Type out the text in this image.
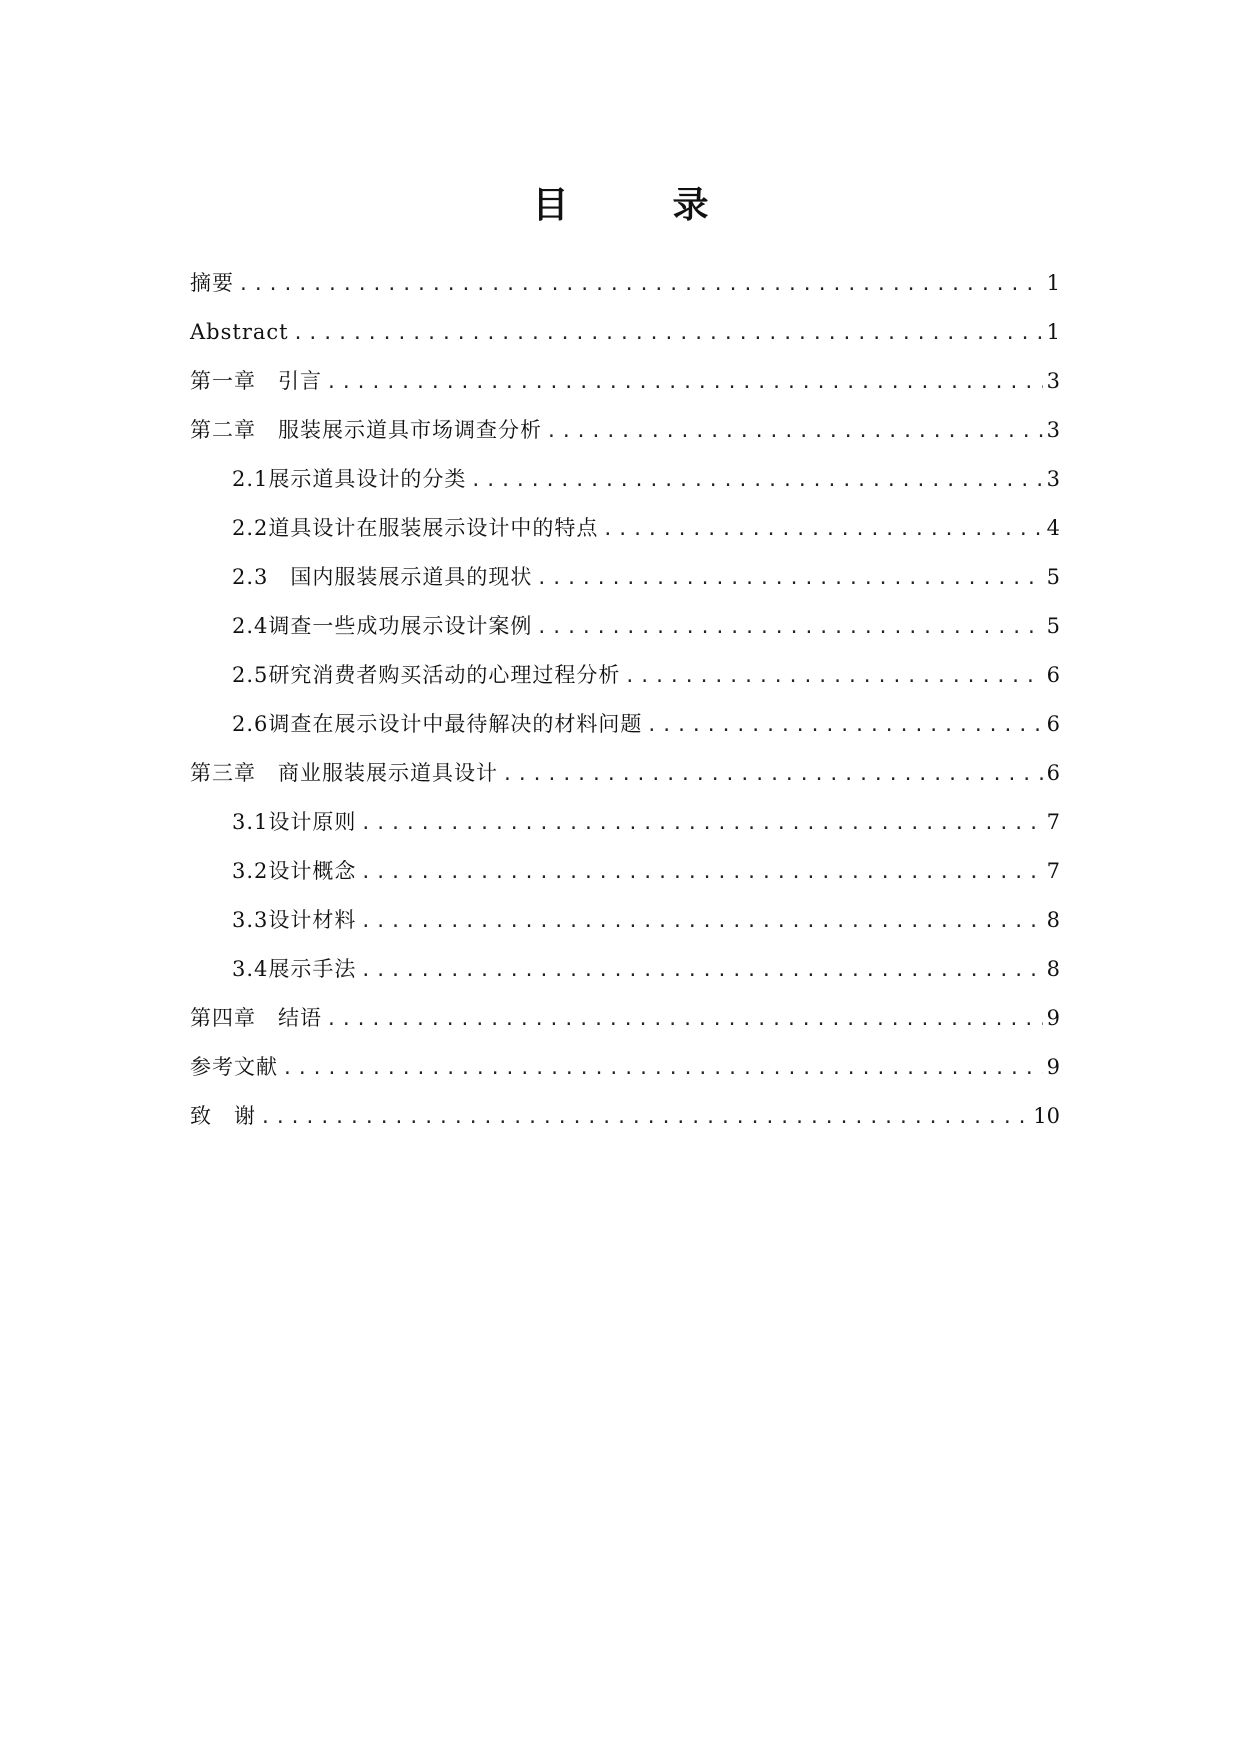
目　录
摘要 .....	1
Abstract .....	1
第一章　引言 .....	3
第二章　服装展示道具市场调查分析 .....	3
2.1展示道具设计的分类 .....	3
2.2道具设计在服装展示设计中的特点 .....	4
2.3　国内服装展示道具的现状 .....	5
2.4调查一些成功展示设计案例 .....	5
2.5研究消费者购买活动的心理过程分析 .....	6
2.6调查在展示设计中最待解决的材料问题 .....	6
第三章　商业服装展示道具设计 .....	6
3.1设计原则 .....	7
3.2设计概念 .....	7
3.3设计材料 .....	8
3.4展示手法 .....	8
第四章　结语 .....	9
参考文献 .....	9
致　谢 .....	10
